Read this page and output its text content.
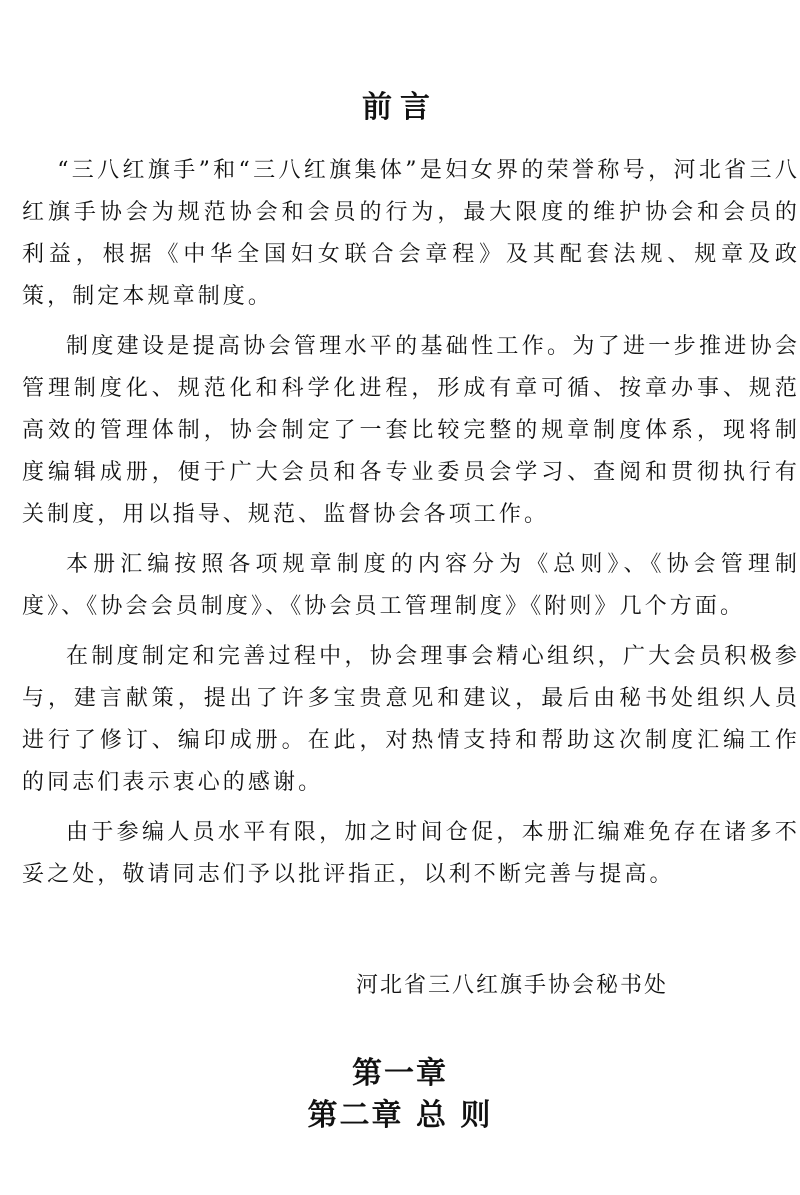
前言

“三八红旗手”和“三八红旗集体”是妇女界的荣誉称号，河北省三八红旗手协会为规范协会和会员的行为，最大限度的维护协会和会员的利益，根据《中华全国妇女联合会章程》及其配套法规、规章及政策，制定本规章制度。

制度建设是提高协会管理水平的基础性工作。为了进一步推进协会管理制度化、规范化和科学化进程，形成有章可循、按章办事、规范高效的管理体制，协会制定了一套比较完整的规章制度体系，现将制度编辑成册，便于广大会员和各专业委员会学习、查阅和贯彻执行有关制度，用以指导、规范、监督协会各项工作。

本册汇编按照各项规章制度的内容分为《总则》、《协会管理制度》、《协会会员制度》、《协会员工管理制度》《附则》几个方面。

在制度制定和完善过程中，协会理事会精心组织，广大会员积极参与，建言献策，提出了许多宝贵意见和建议，最后由秘书处组织人员进行了修订、编印成册。在此，对热情支持和帮助这次制度汇编工作的同志们表示衷心的感谢。

由于参编人员水平有限，加之时间仓促，本册汇编难免存在诸多不妥之处，敬请同志们予以批评指正，以利不断完善与提高。

河北省三八红旗手协会秘书处
第一章
第二章 总 则
